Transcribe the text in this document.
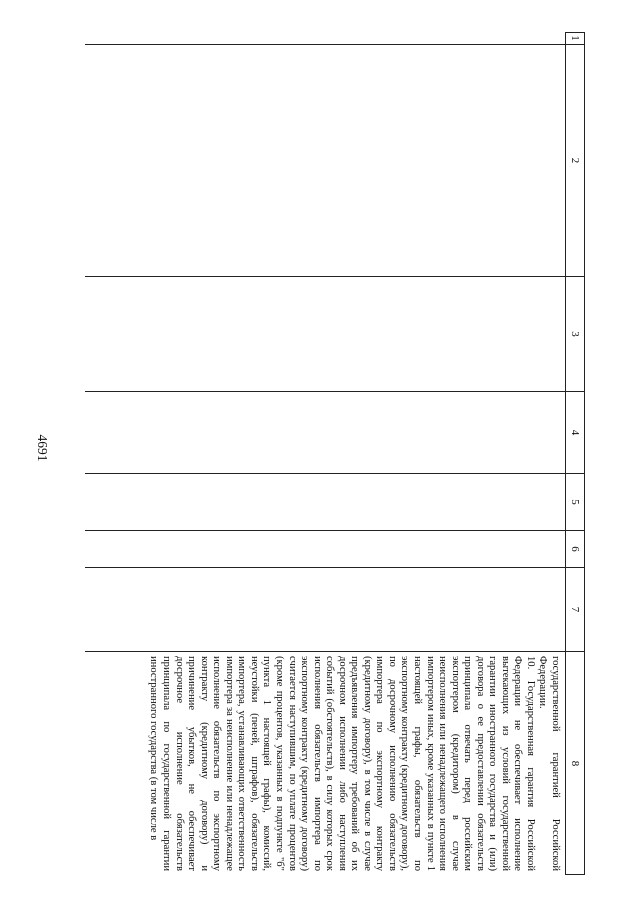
4691
1
2
3
4
5
6
7
8

государственной гарантией Российской Федерации.

10. Государственная гарантия Российской Федерации не обеспечивает исполнение вытекающих из условий государственной гарантии иностранного государства и (или) договора о ее предоставлении обязательств принципала отвечать перед российским экспортером (кредитором) в случае неисполнения или ненадлежащего исполнения импортером иных, кроме указанных в пункте 1 настоящей графы, обязательств по экспортному контракту (кредитному договору), по досрочному исполнению обязательств импортера по экспортному контракту (кредитному договору), в том числе в случае предъявления импортеру требований об их досрочном исполнении либо наступления событий (обстоятельств), в силу которых срок исполнения обязательств импортера по экспортному контракту (кредитному договору) считается наступившим, по уплате процентов (кроме процентов, указанных в подпункте "б" пункта 1 настоящей графы), комиссий, неустойки (пеней, штрафов), обязательств импортера, устанавливающих ответственность импортера за неисполнение или ненадлежащее исполнение обязательств по экспортному контракту (кредитному договору) и причинение убытков, не обеспечивает досрочное исполнение обязательств принципала по государственной гарантии иностранного государства (в том числе в
